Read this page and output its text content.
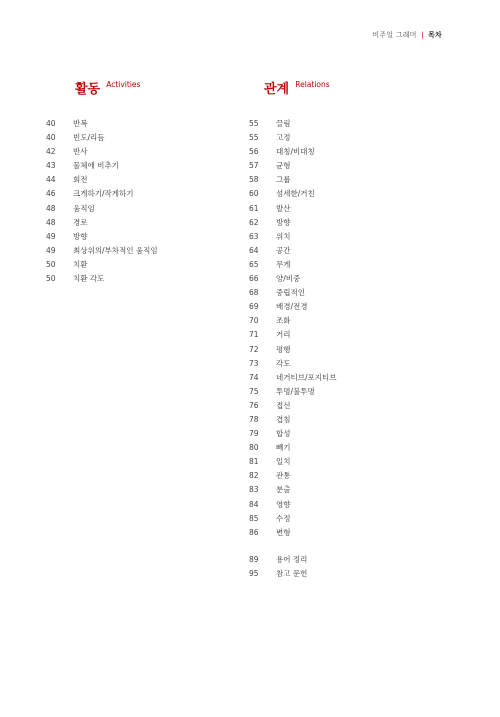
비주얼 그래머 | 목차
활동 $^{Activities}$	관계 $^{Relations}$
40 반복
40 빈도/리듬
42 반사
43 물체에 비추기
44 회전
46 크게하기/작게하기
48 움직임
48 경로
49 방향
49 최상위의/부차적인 움직임
50 치환
50 치환 각도
55 끌림
55 고정
56 대칭/비대칭
57 균형
58 그룹
60 섬세한/거친
61 발산
62 방향
63 위치
64 공간
65 무게
66 양/비중
68 중립적인
69 배경/전경
70 조화
71 거리
72 평행
73 각도
74 네거티브/포지티브
75 투명/불투명
76 접선
78 겹침
79 합성
80 빼기
81 일치
82 관통
83 분출
84 영향
85 수정
86 변형
89 용어 정리
95 참고 문헌
